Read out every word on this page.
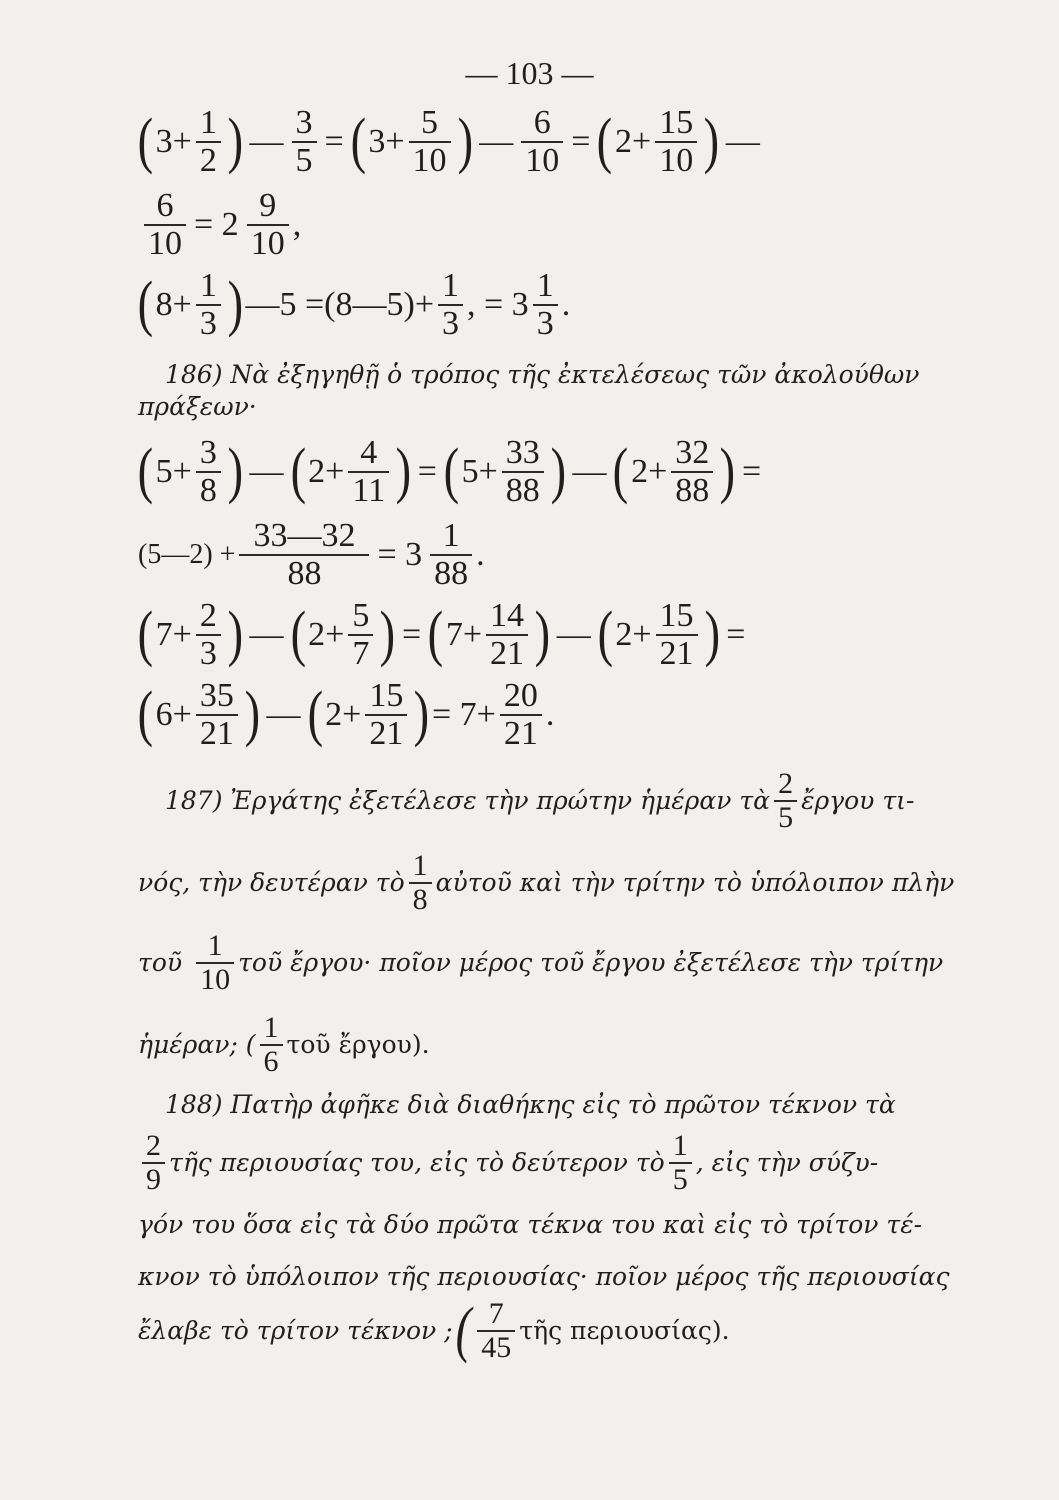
— 103 —
( $3+ \frac{1}{2}$ ) — $\frac{3}{5}$ = ( $3+ \frac{5}{10}$ ) — $\frac{6}{10}$ = ( $2+ \frac{15}{10}$ ) —
$\frac{6}{10} = 2 \frac{9}{10}$ ,
( $8+ \frac{1}{3}$ ) —5 =(8—5)+ $\frac{1}{3}$ , = $3 \frac{1}{3}$ .
186) Νὰ ἐξηγηθῇ ὁ τρόπος τῆς ἐκτελέσεως τῶν ἀκολούθων
πράξεων·
( $5+ \frac{3}{8}$ ) — ( $2+ \frac{4}{11}$ ) = ( $5+ \frac{33}{88}$ ) — ( $2+ \frac{32}{88}$ ) =
(5—2) + $\frac{33—32}{88} = 3 \frac{1}{88}$ .
( $7+ \frac{2}{3}$ ) — ( $2+ \frac{5}{7}$ ) = ( $7+ \frac{14}{21}$ ) — ( $2+ \frac{15}{21}$ ) =
( $6+ \frac{35}{21}$ ) — ( $2+ \frac{15}{21}$ ) = $7+ \frac{20}{21}$ .
187) Ἐργάτης ἐξετέλεσε τὴν πρώτην ἡμέραν τὰ $\frac{2}{5}$ ἔργου τι-
νός, τὴν δευτέραν τὸ $\frac{1}{8}$ αὐτοῦ καὶ τὴν τρίτην τὸ ὑπόλοιπον πλὴν
τοῦ $\frac{1}{10}$ τοῦ ἔργου· ποῖον μέρος τοῦ ἔργου ἐξετέλεσε τὴν τρίτην
ἡμέραν; ( $\frac{1}{6}$ τοῦ ἔργου).
188) Πατὴρ ἀφῆκε διὰ διαθήκης εἰς τὸ πρῶτον τέκνον τὰ
$\frac{2}{9}$ τῆς περιουσίας του, εἰς τὸ δεύτερον τὸ $\frac{1}{5}$ , εἰς τὴν σύζυ-
γόν του ὅσα εἰς τὰ δύο πρῶτα τέκνα του καὶ εἰς τὸ τρίτον τέ-
κνον τὸ ὑπόλοιπον τῆς περιουσίας· ποῖον μέρος τῆς περιουσίας
ἔλαβε τὸ τρίτον τέκνον ; ( $\frac{7}{45}$ τῆς περιουσίας).
